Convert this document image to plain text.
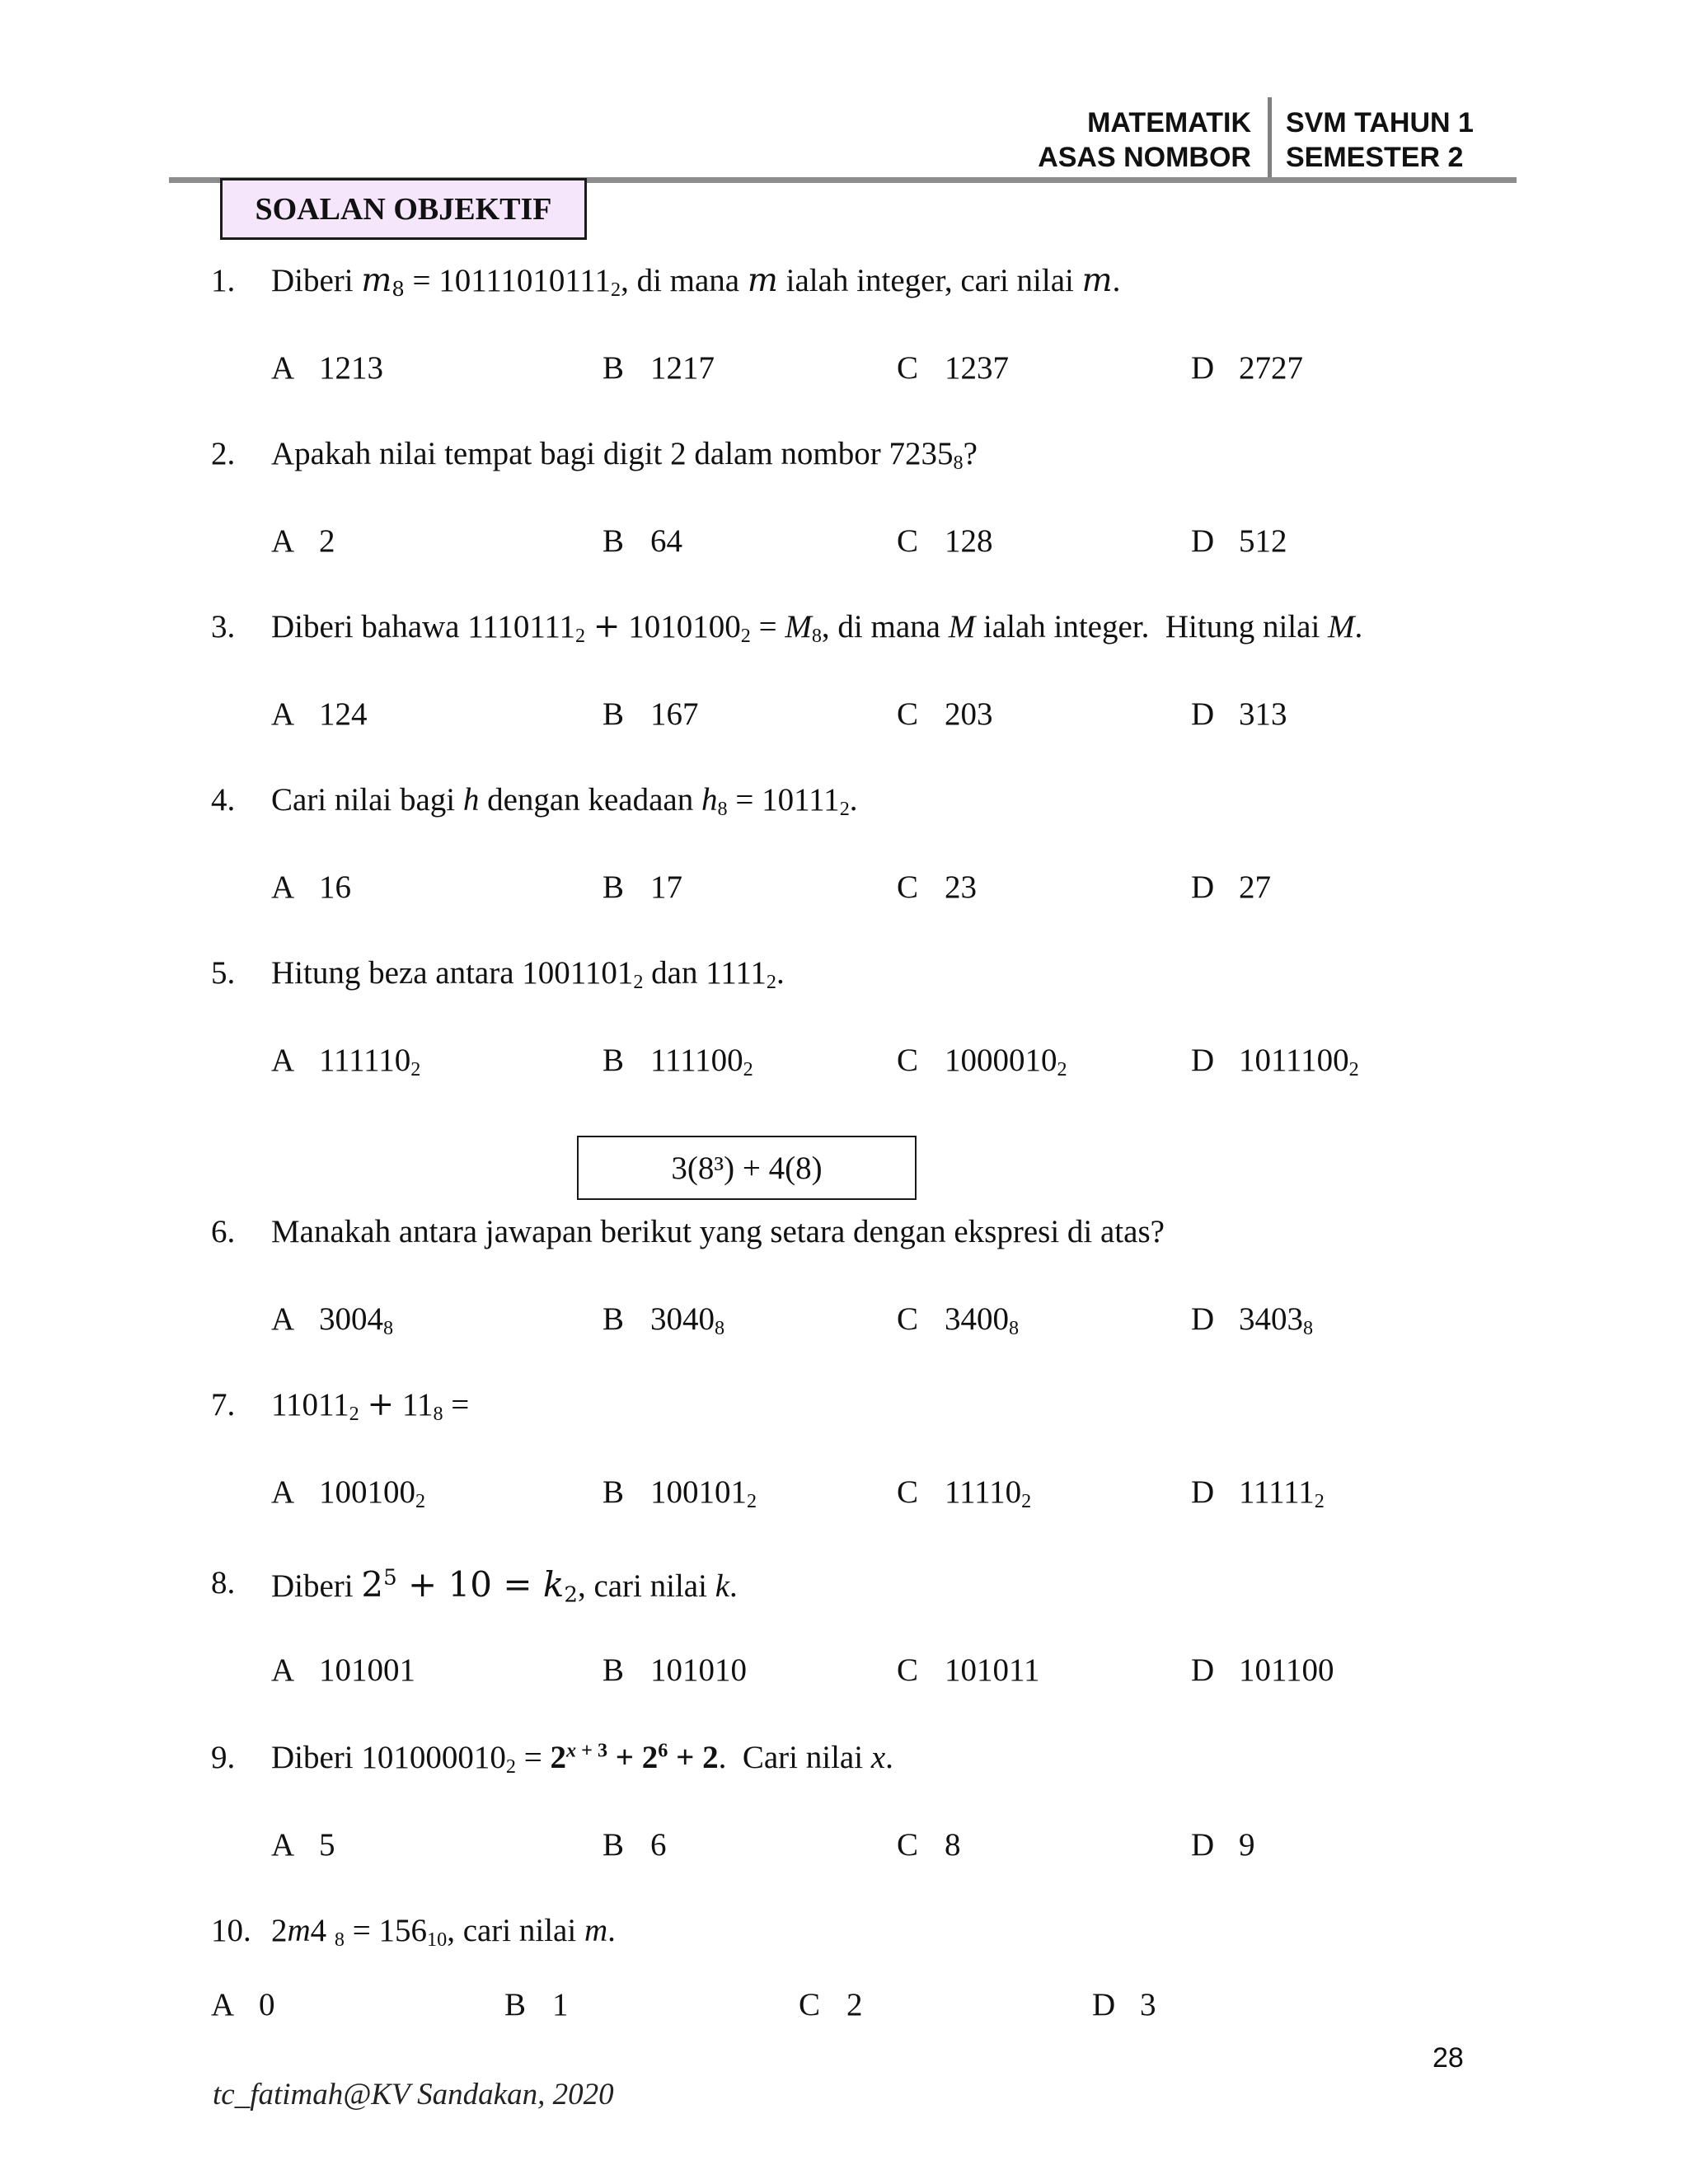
MATEMATIK
ASAS NOMBOR
SVM TAHUN 1
SEMESTER 2
SOALAN OBJEKTIF
1. Diberi $m_8 = 10111010111_2$, di mana m ialah integer, cari nilai m.
A 1213	B 1217	C 1237	D 2727
2. Apakah nilai tempat bagi digit 2 dalam nombor $7235_8$?
A 2	B 64	C 128	D 512
3. Diberi bahawa $1110111_2 + 1010100_2 = M_8$, di mana M ialah integer.  Hitung nilai M.
A 124	B 167	C 203	D 313
4. Cari nilai bagi h dengan keadaan $h_8 = 10111_2$.
A 16	B 17	C 23	D 27
5. Hitung beza antara $1001101_2$ dan $1111_2$.
A $111110_2$	B $111100_2$	C $1000010_2$	D $1011100_2$
3(8³) + 4(8)
6. Manakah antara jawapan berikut yang setara dengan ekspresi di atas?
A $3004_8$	B $3040_8$	C $3400_8$	D $3403_8$
7. $11011_2 + 11_8$ =
A $100100_2$	B $100101_2$	C $11110_2$	D $11111_2$
8. Diberi $2^5 + 10 = k_2$, cari nilai k.
A 101001	B 101010	C 101011	D 101100
9. Diberi $101000010_2 = 2^{x + 3} + 2^6 + 2$.  Cari nilai x.
A 5	B 6	C 8	D 9
10. 2m4 $_8 = 156_{10}$, cari nilai m.
A 0	B 1	C 2	D 3
28
tc_fatimah@KV Sandakan, 2020
